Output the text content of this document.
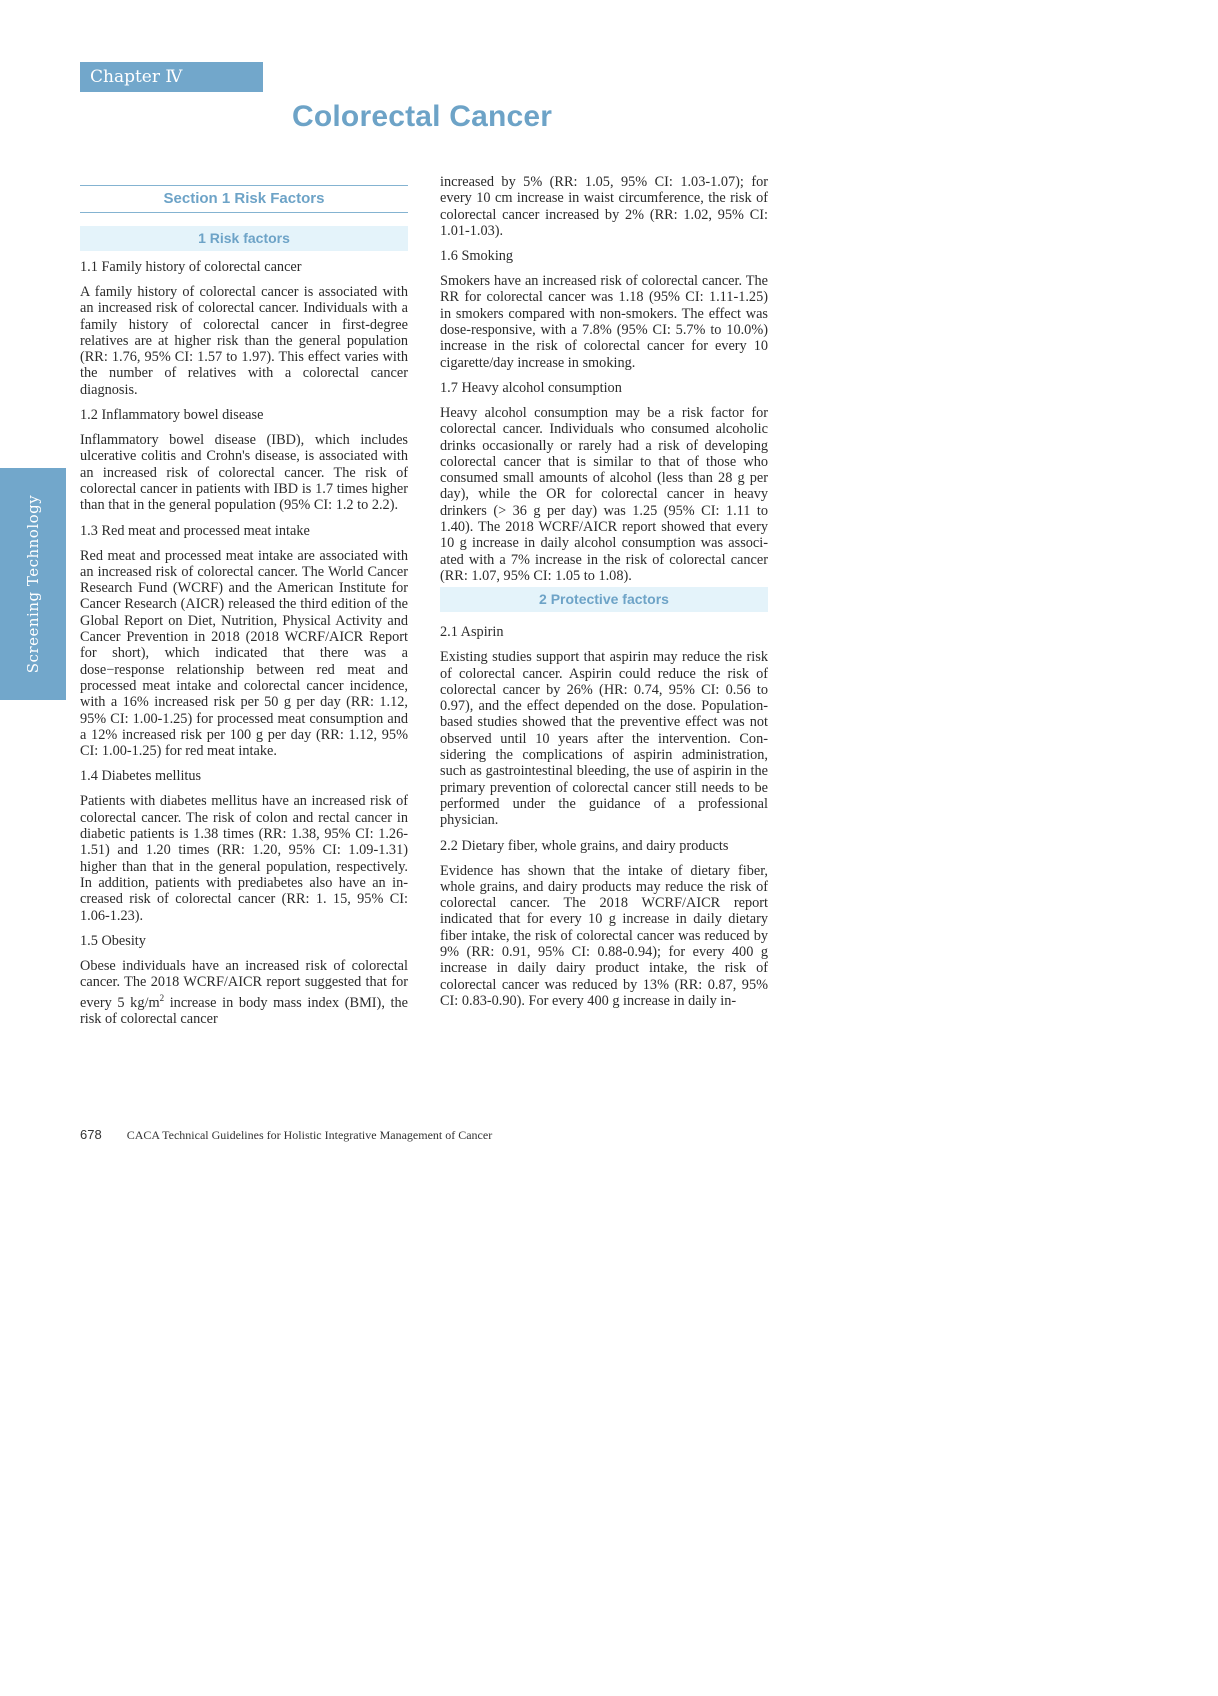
Chapter Ⅳ
Colorectal Cancer
Screening Technology
Section 1 Risk Factors
1 Risk factors
1.1 Family history of colorectal cancer

A family history of colorectal cancer is associated with an increased risk of colorectal cancer. Individuals with a family history of colorectal cancer in first-degree relatives are at higher risk than the general population (RR: 1.76, 95% CI: 1.57 to 1.97). This effect varies with the number of relatives with a colorectal cancer diagnosis.

1.2 Inflammatory bowel disease

Inflammatory bowel disease (IBD), which includes ulcerative colitis and Crohn's disease, is associated with an increased risk of colorectal cancer. The risk of colorectal cancer in patients with IBD is 1.7 times higher than that in the general population (95% CI: 1.2 to 2.2).

1.3 Red meat and processed meat intake

Red meat and processed meat intake are associated with an increased risk of colorectal cancer. The World Cancer Research Fund (WCRF) and the American Institute for Cancer Research (AICR) released the third edition of the Global Report on Diet, Nutrition, Physical Activity and Cancer Prevention in 2018 (2018 WCRF/AICR Report for short), which indicated that there was a dose−response relationship between red meat and processed meat intake and colorectal cancer incidence, with a 16% increased risk per 50 g per day (RR: 1.12, 95% CI: 1.00-1.25) for processed meat consumption and a 12% increased risk per 100 g per day (RR: 1.12, 95% CI: 1.00-1.25) for red meat intake.

1.4 Diabetes mellitus

Patients with diabetes mellitus have an increased risk of colorectal cancer. The risk of colon and rectal cancer in diabetic patients is 1.38 times (RR: 1.38, 95% CI: 1.26-1.51) and 1.20 times (RR: 1.20, 95% CI: 1.09-1.31) higher than that in the general population, respectively. In addition, patients with prediabetes also have an increased risk of colorectal cancer (RR: 1. 15, 95% CI: 1.06-1.23).

1.5 Obesity

Obese individuals have an increased risk of colorectal cancer. The 2018 WCRF/AICR report suggested that for every 5 $kg/m^2$ increase in body mass index (BMI), the risk of colorectal cancer

increased by 5% (RR: 1.05, 95% CI: 1.03-1.07); for every 10 cm increase in waist circumference, the risk of colorectal cancer increased by 2% (RR: 1.02, 95% CI: 1.01-1.03).

1.6 Smoking

Smokers have an increased risk of colorectal cancer. The RR for colorectal cancer was 1.18 (95% CI: 1.11-1.25) in smokers compared with non-smokers. The effect was dose-responsive, with a 7.8% (95% CI: 5.7% to 10.0%) increase in the risk of colorectal cancer for every 10 cigarette/day increase in smoking.

1.7 Heavy alcohol consumption

Heavy alcohol consumption may be a risk factor for colorectal cancer. Individuals who consumed alcoholic drinks occasionally or rarely had a risk of developing colorectal cancer that is similar to that of those who consumed small amounts of alcohol (less than 28 g per day), while the OR for colorectal cancer in heavy drinkers (> 36 g per day) was 1.25 (95% CI: 1.11 to 1.40). The 2018 WCRF/AICR report showed that every 10 g increase in daily alcohol consumption was associated with a 7% increase in the risk of colorectal cancer (RR: 1.07, 95% CI: 1.05 to 1.08).

2 Protective factors
2.1 Aspirin

Existing studies support that aspirin may reduce the risk of colorectal cancer. Aspirin could reduce the risk of colorectal cancer by 26% (HR: 0.74, 95% CI: 0.56 to 0.97), and the effect depended on the dose. Population-based studies showed that the preventive effect was not observed until 10 years after the intervention. Considering the complications of aspirin administration, such as gastrointestinal bleeding, the use of aspirin in the primary prevention of colorectal cancer still needs to be performed under the guidance of a professional physician.

2.2 Dietary fiber, whole grains, and dairy products

Evidence has shown that the intake of dietary fiber, whole grains, and dairy products may reduce the risk of colorectal cancer. The 2018 WCRF/AICR report indicated that for every 10 g increase in daily dietary fiber intake, the risk of colorectal cancer was reduced by 9% (RR: 0.91, 95% CI: 0.88-0.94); for every 400 g increase in daily dairy product intake, the risk of colorectal cancer was reduced by 13% (RR: 0.87, 95% CI: 0.83-0.90). For every 400 g increase in daily in-

678 CACA Technical Guidelines for Holistic Integrative Management of Cancer
